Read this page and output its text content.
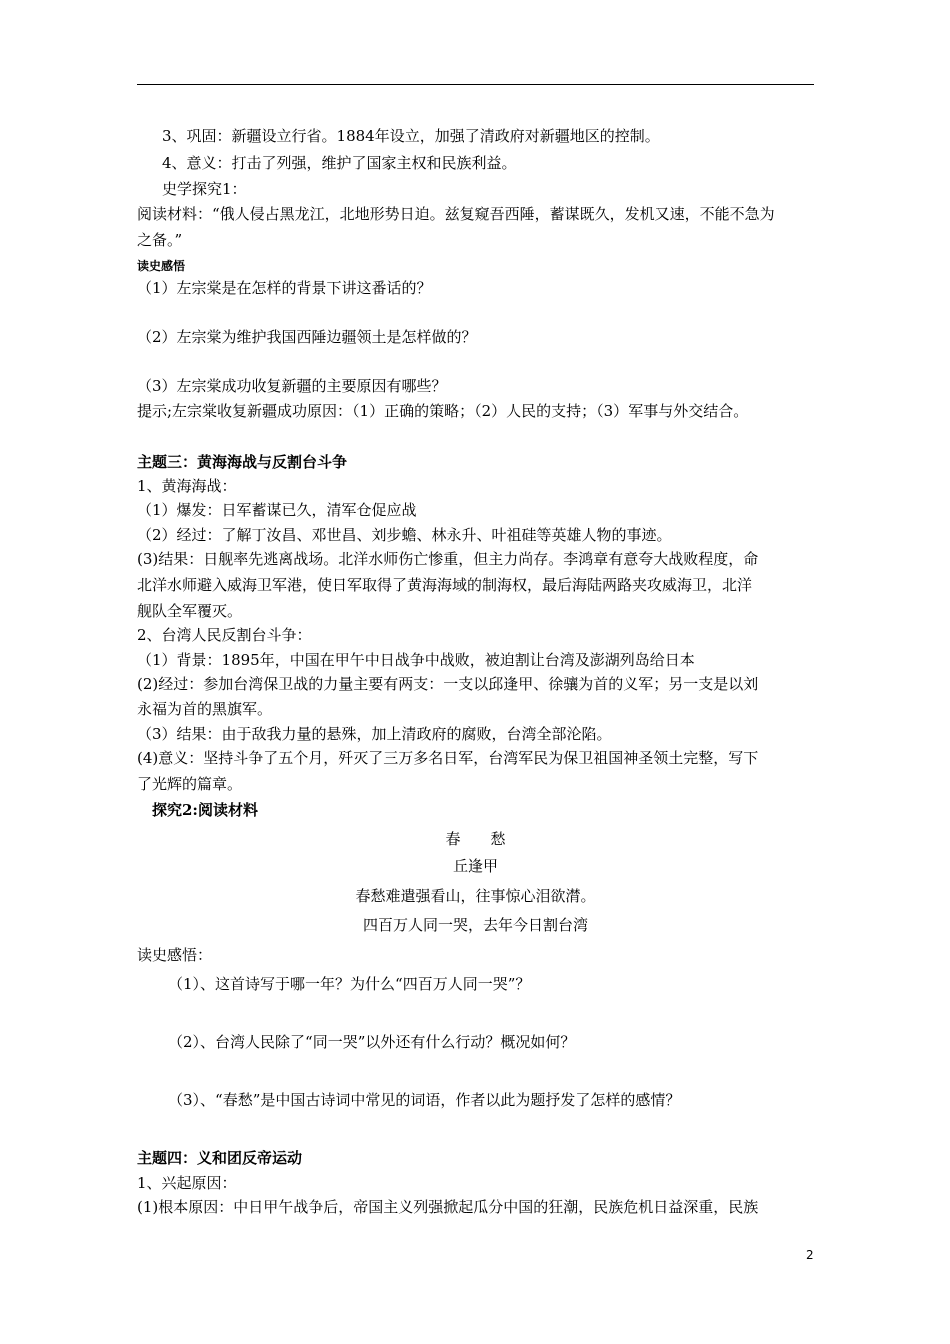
3、巩固：新疆设立行省。1884年设立，加强了清政府对新疆地区的控制。
4、意义：打击了列强，维护了国家主权和民族利益。
史学探究1：
阅读材料：“俄人侵占黑龙江，北地形势日迫。兹复窥吾西陲，蓄谋既久，发机又速，不能不急为
之备。”
读史感悟
（1）左宗棠是在怎样的背景下讲这番话的？
（2）左宗棠为维护我国西陲边疆领土是怎样做的？
（3）左宗棠成功收复新疆的主要原因有哪些？
提示;左宗棠收复新疆成功原因：（1）正确的策略；（2）人民的支持；（3）军事与外交结合。
主题三：黄海海战与反割台斗争
1、黄海海战：
（1）爆发：日军蓄谋已久，清军仓促应战
（2）经过：了解丁汝昌、邓世昌、刘步蟾、林永升、叶祖硅等英雄人物的事迹。
(3)结果：日舰率先逃离战场。北洋水师伤亡惨重，但主力尚存。李鸿章有意夸大战败程度，命
北洋水师避入威海卫军港，使日军取得了黄海海域的制海权，最后海陆两路夹攻威海卫，北洋
舰队全军覆灭。
2、台湾人民反割台斗争：
（1）背景：1895年，中国在甲午中日战争中战败，被迫割让台湾及澎湖列岛给日本
(2)经过：参加台湾保卫战的力量主要有两支：一支以邱逢甲、徐骧为首的义军；另一支是以刘
永福为首的黑旗军。
（3）结果：由于敌我力量的悬殊，加上清政府的腐败，台湾全部沦陷。
(4)意义：坚持斗争了五个月，歼灭了三万多名日军，台湾军民为保卫祖国神圣领土完整，写下
了光辉的篇章。
探究2:阅读材料
春　　愁
丘逢甲
春愁难遣强看山，往事惊心泪欲潸。
四百万人同一哭，去年今日割台湾
读史感悟：
（1）、这首诗写于哪一年？为什么“四百万人同一哭”？
（2）、台湾人民除了“同一哭”以外还有什么行动？概况如何？
（3）、“春愁”是中国古诗词中常见的词语，作者以此为题抒发了怎样的感情？
主题四：义和团反帝运动
1、兴起原因：
(1)根本原因：中日甲午战争后，帝国主义列强掀起瓜分中国的狂潮，民族危机日益深重，民族
2
